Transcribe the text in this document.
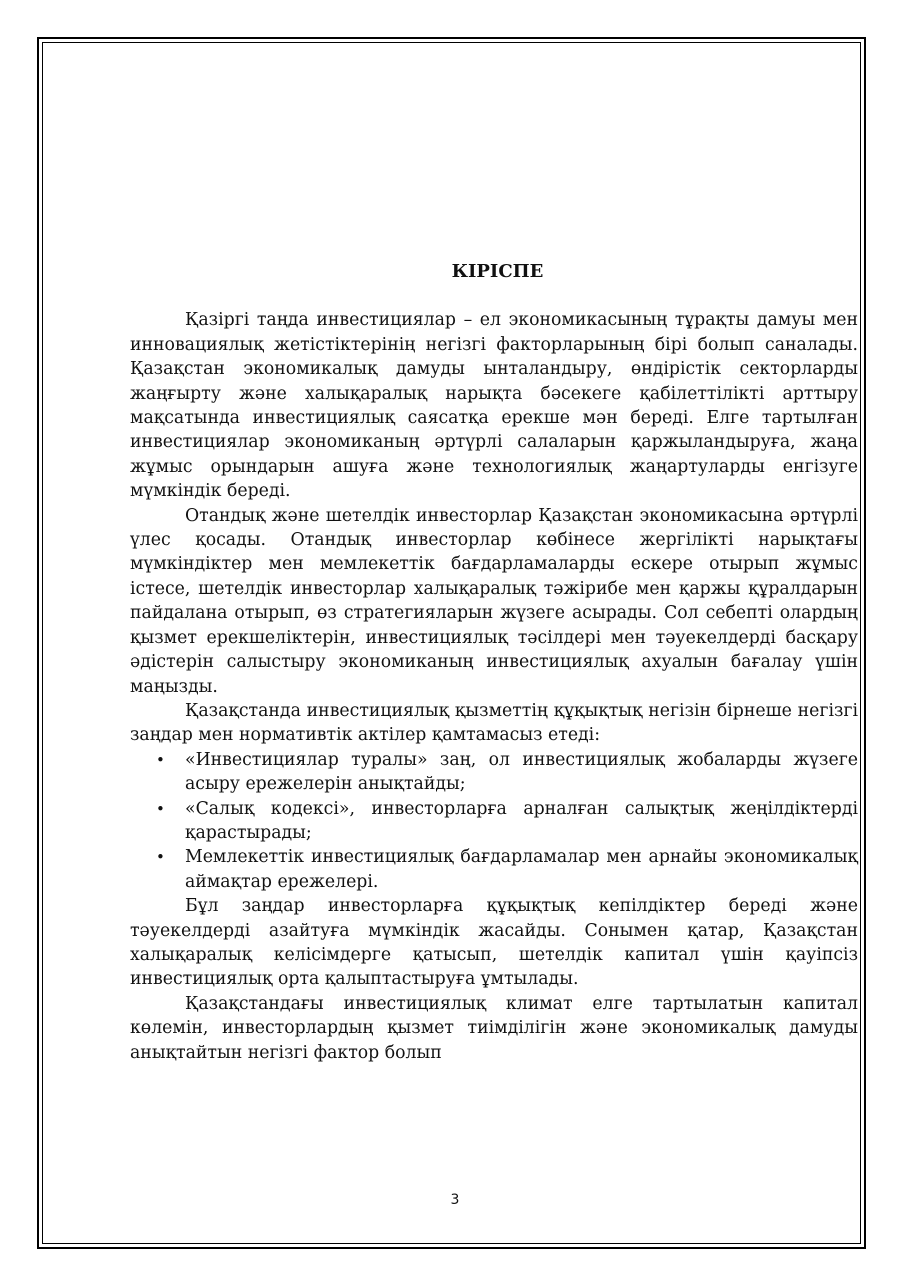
КІРІСПЕ

Қазіргі таңда инвестициялар – ел экономикасының тұрақты дамуы мен инновациялық жетістіктерінің негізгі факторларының бірі болып саналады. Қазақстан экономикалық дамуды ынталандыру, өндірістік секторларды жаңғырту және халықаралық нарықта бәсекеге қабілеттілікті арттыру мақсатында инвестициялық саясатқа ерекше мән береді. Елге тартылған инвестициялар экономиканың әртүрлі салаларын қаржыландыруға, жаңа жұмыс орындарын ашуға және технологиялық жаңартуларды енгізуге мүмкіндік береді.

Отандық және шетелдік инвесторлар Қазақстан экономикасына әртүрлі үлес қосады. Отандық инвесторлар көбінесе жергілікті нарықтағы мүмкіндіктер мен мемлекеттік бағдарламаларды ескере отырып жұмыс істесе, шетелдік инвесторлар халықаралық тәжірибе мен қаржы құралдарын пайдалана отырып, өз стратегияларын жүзеге асырады. Сол себепті олардың қызмет ерекшеліктерін, инвестициялық тәсілдері мен тәуекелдерді басқару әдістерін салыстыру экономиканың инвестициялық ахуалын бағалау үшін маңызды.

Қазақстанда инвестициялық қызметтің құқықтық негізін бірнеше негізгі заңдар мен нормативтік актілер қамтамасыз етеді:

• «Инвестициялар туралы» заң, ол инвестициялық жобаларды жүзеге асыру ережелерін анықтайды;
• «Салық кодексі», инвесторларға арналған салықтық жеңілдіктерді қарастырады;
• Мемлекеттік инвестициялық бағдарламалар мен арнайы экономикалық аймақтар ережелері.

Бұл заңдар инвесторларға құқықтық кепілдіктер береді және тәуекелдерді азайтуға мүмкіндік жасайды. Сонымен қатар, Қазақстан халықаралық келісімдерге қатысып, шетелдік капитал үшін қауіпсіз инвестициялық орта қалыптастыруға ұмтылады.

Қазақстандағы инвестициялық климат елге тартылатын капитал көлемін, инвесторлардың қызмет тиімділігін және экономикалық дамуды анықтайтын негізгі фактор болып

3
